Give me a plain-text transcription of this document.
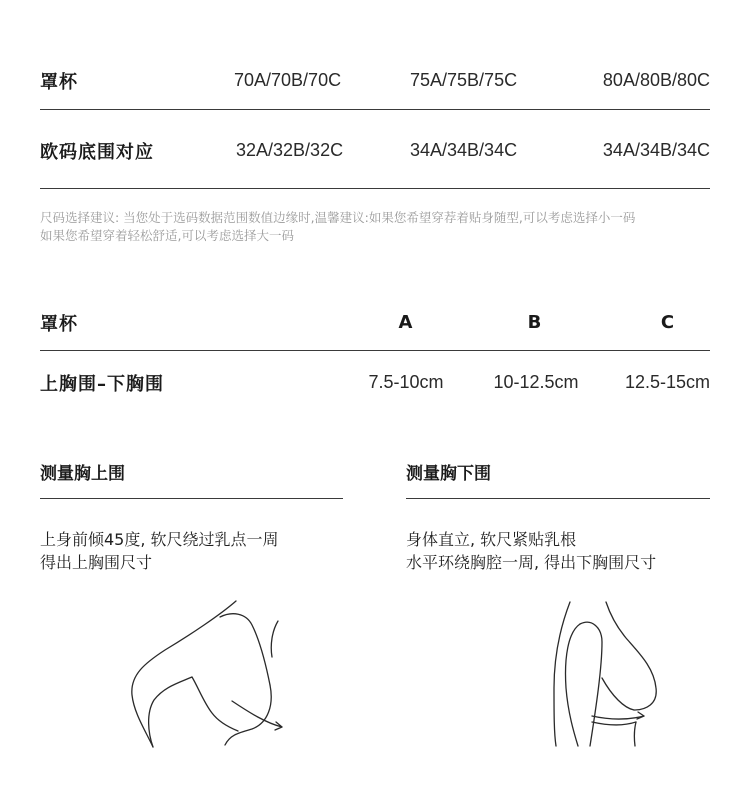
罩杯	70A/70B/70C	75A/75B/75C	80A/80B/80C
欧码底围对应	32A/32B/32C	34A/34B/34C	34A/34B/34C
尺码选择建议: 当您处于选码数据范围数值边缘时,温馨建议:如果您希望穿荐着贴身随型,可以考虑选择小一码
如果您希望穿着轻松舒适,可以考虑选择大一码
罩杯	A	B	C
上胸围–下胸围	7.5-10cm	10-12.5cm	12.5-15cm
测量胸上围
上身前倾45度, 软尺绕过乳点一周
得出上胸围尺寸
测量胸下围
身体直立, 软尺紧贴乳根
水平环绕胸腔一周, 得出下胸围尺寸
